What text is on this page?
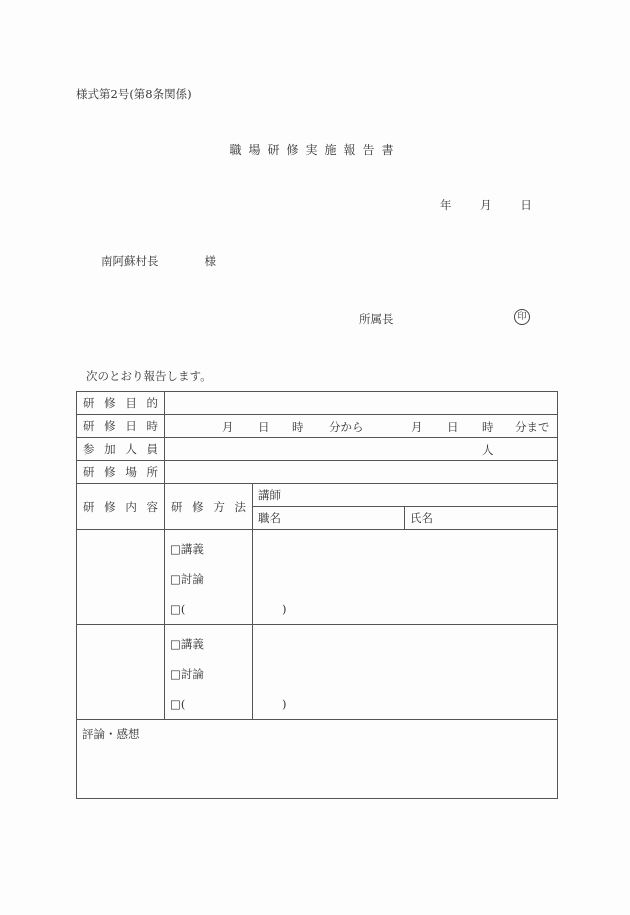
様式第2号(第8条関係)
職場研修実施報告書
年 月 日
南阿蘇村長	様
所属長	印
次のとおり報告します。
研 修 目 的			

研 修 日 時	月 日 時 分から	月 日 時 分まで

参 加 人 員	人		

研 修 場 所			

研 修 内 容	研 修 方 法	講師	
		職名	氏名

□講義
□討論
□( )		

□講義
□討論
□( )		

評論・感想			
